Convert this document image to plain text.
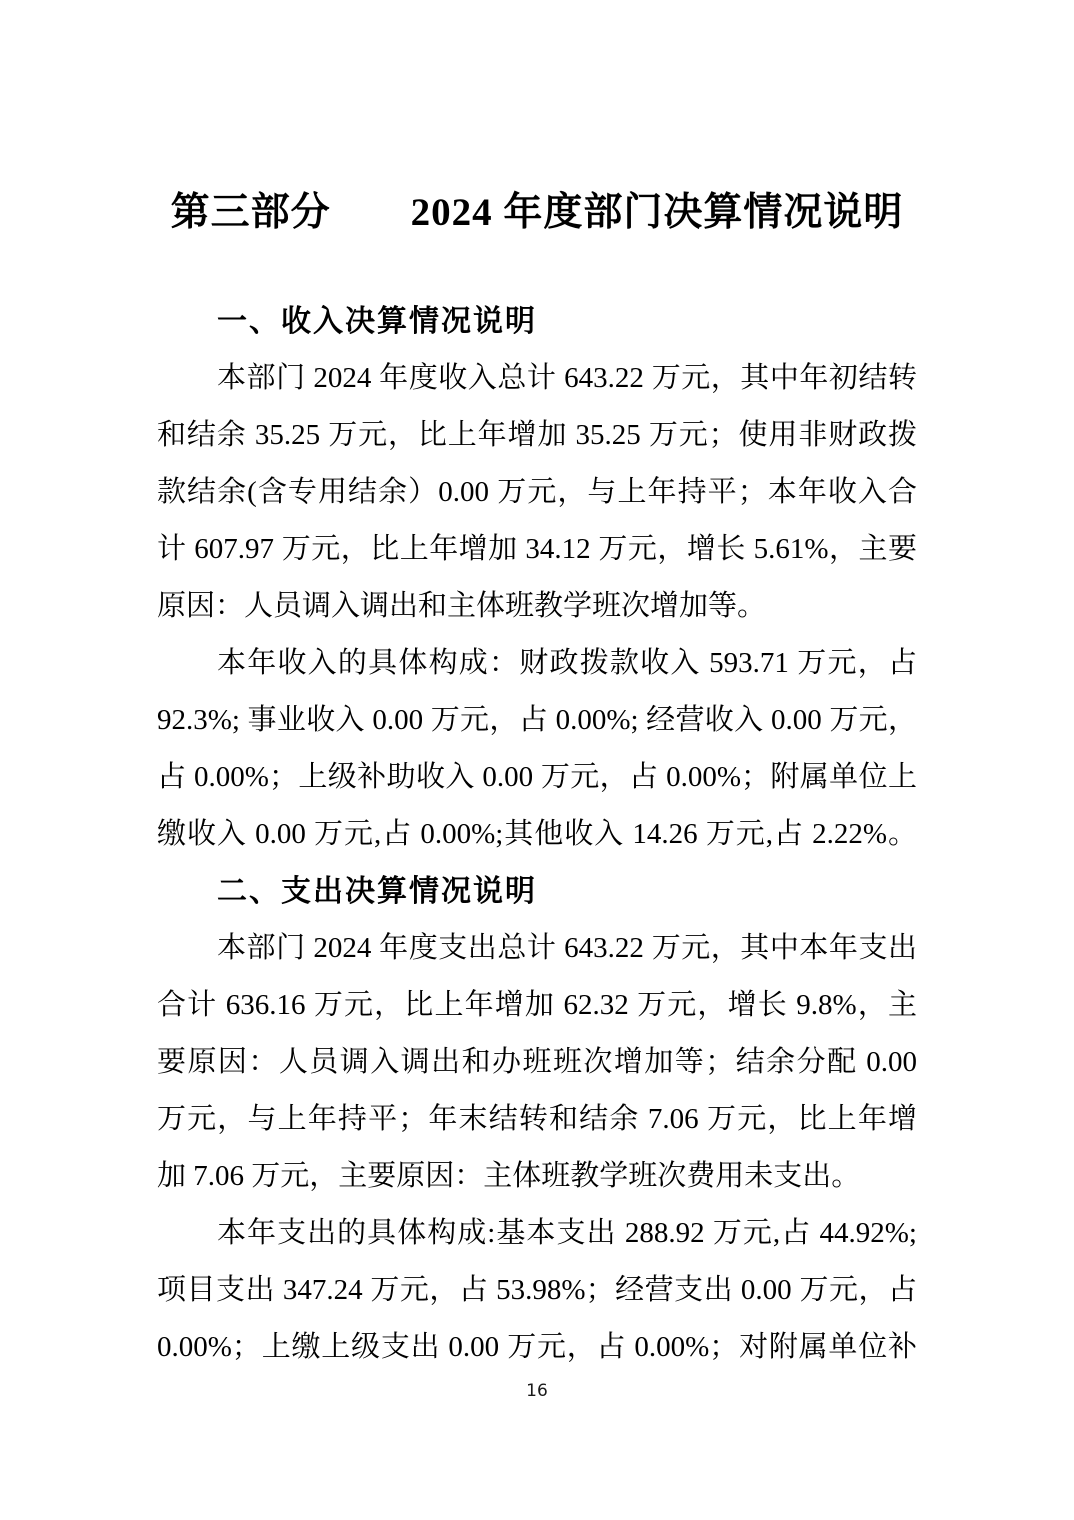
第三部分　　2024 年度部门决算情况说明
一、收入决算情况说明
本部门 2024 年度收入总计 643.22 万元，其中年初结转
和结余 35.25 万元，比上年增加 35.25 万元；使用非财政拨
款结余(含专用结余）0.00 万元，与上年持平；本年收入合
计 607.97 万元，比上年增加 34.12 万元，增长 5.61%，主要
原因：人员调入调出和主体班教学班次增加等。
本年收入的具体构成：财政拨款收入 593.71 万元，占
92.3%; 事业收入 0.00 万元，占 0.00%; 经营收入 0.00 万元，
占 0.00%；上级补助收入 0.00 万元，占 0.00%；附属单位上
缴收入 0.00 万元,占 0.00%;其他收入 14.26 万元,占 2.22%。
二、支出决算情况说明
本部门 2024 年度支出总计 643.22 万元，其中本年支出
合计 636.16 万元，比上年增加 62.32 万元，增长 9.8%，主
要原因：人员调入调出和办班班次增加等；结余分配 0.00
万元，与上年持平；年末结转和结余 7.06 万元，比上年增
加 7.06 万元，主要原因：主体班教学班次费用未支出。
本年支出的具体构成:基本支出 288.92 万元,占 44.92%;
项目支出 347.24 万元，占 53.98%；经营支出 0.00 万元，占
0.00%；上缴上级支出 0.00 万元，占 0.00%；对附属单位补
16
